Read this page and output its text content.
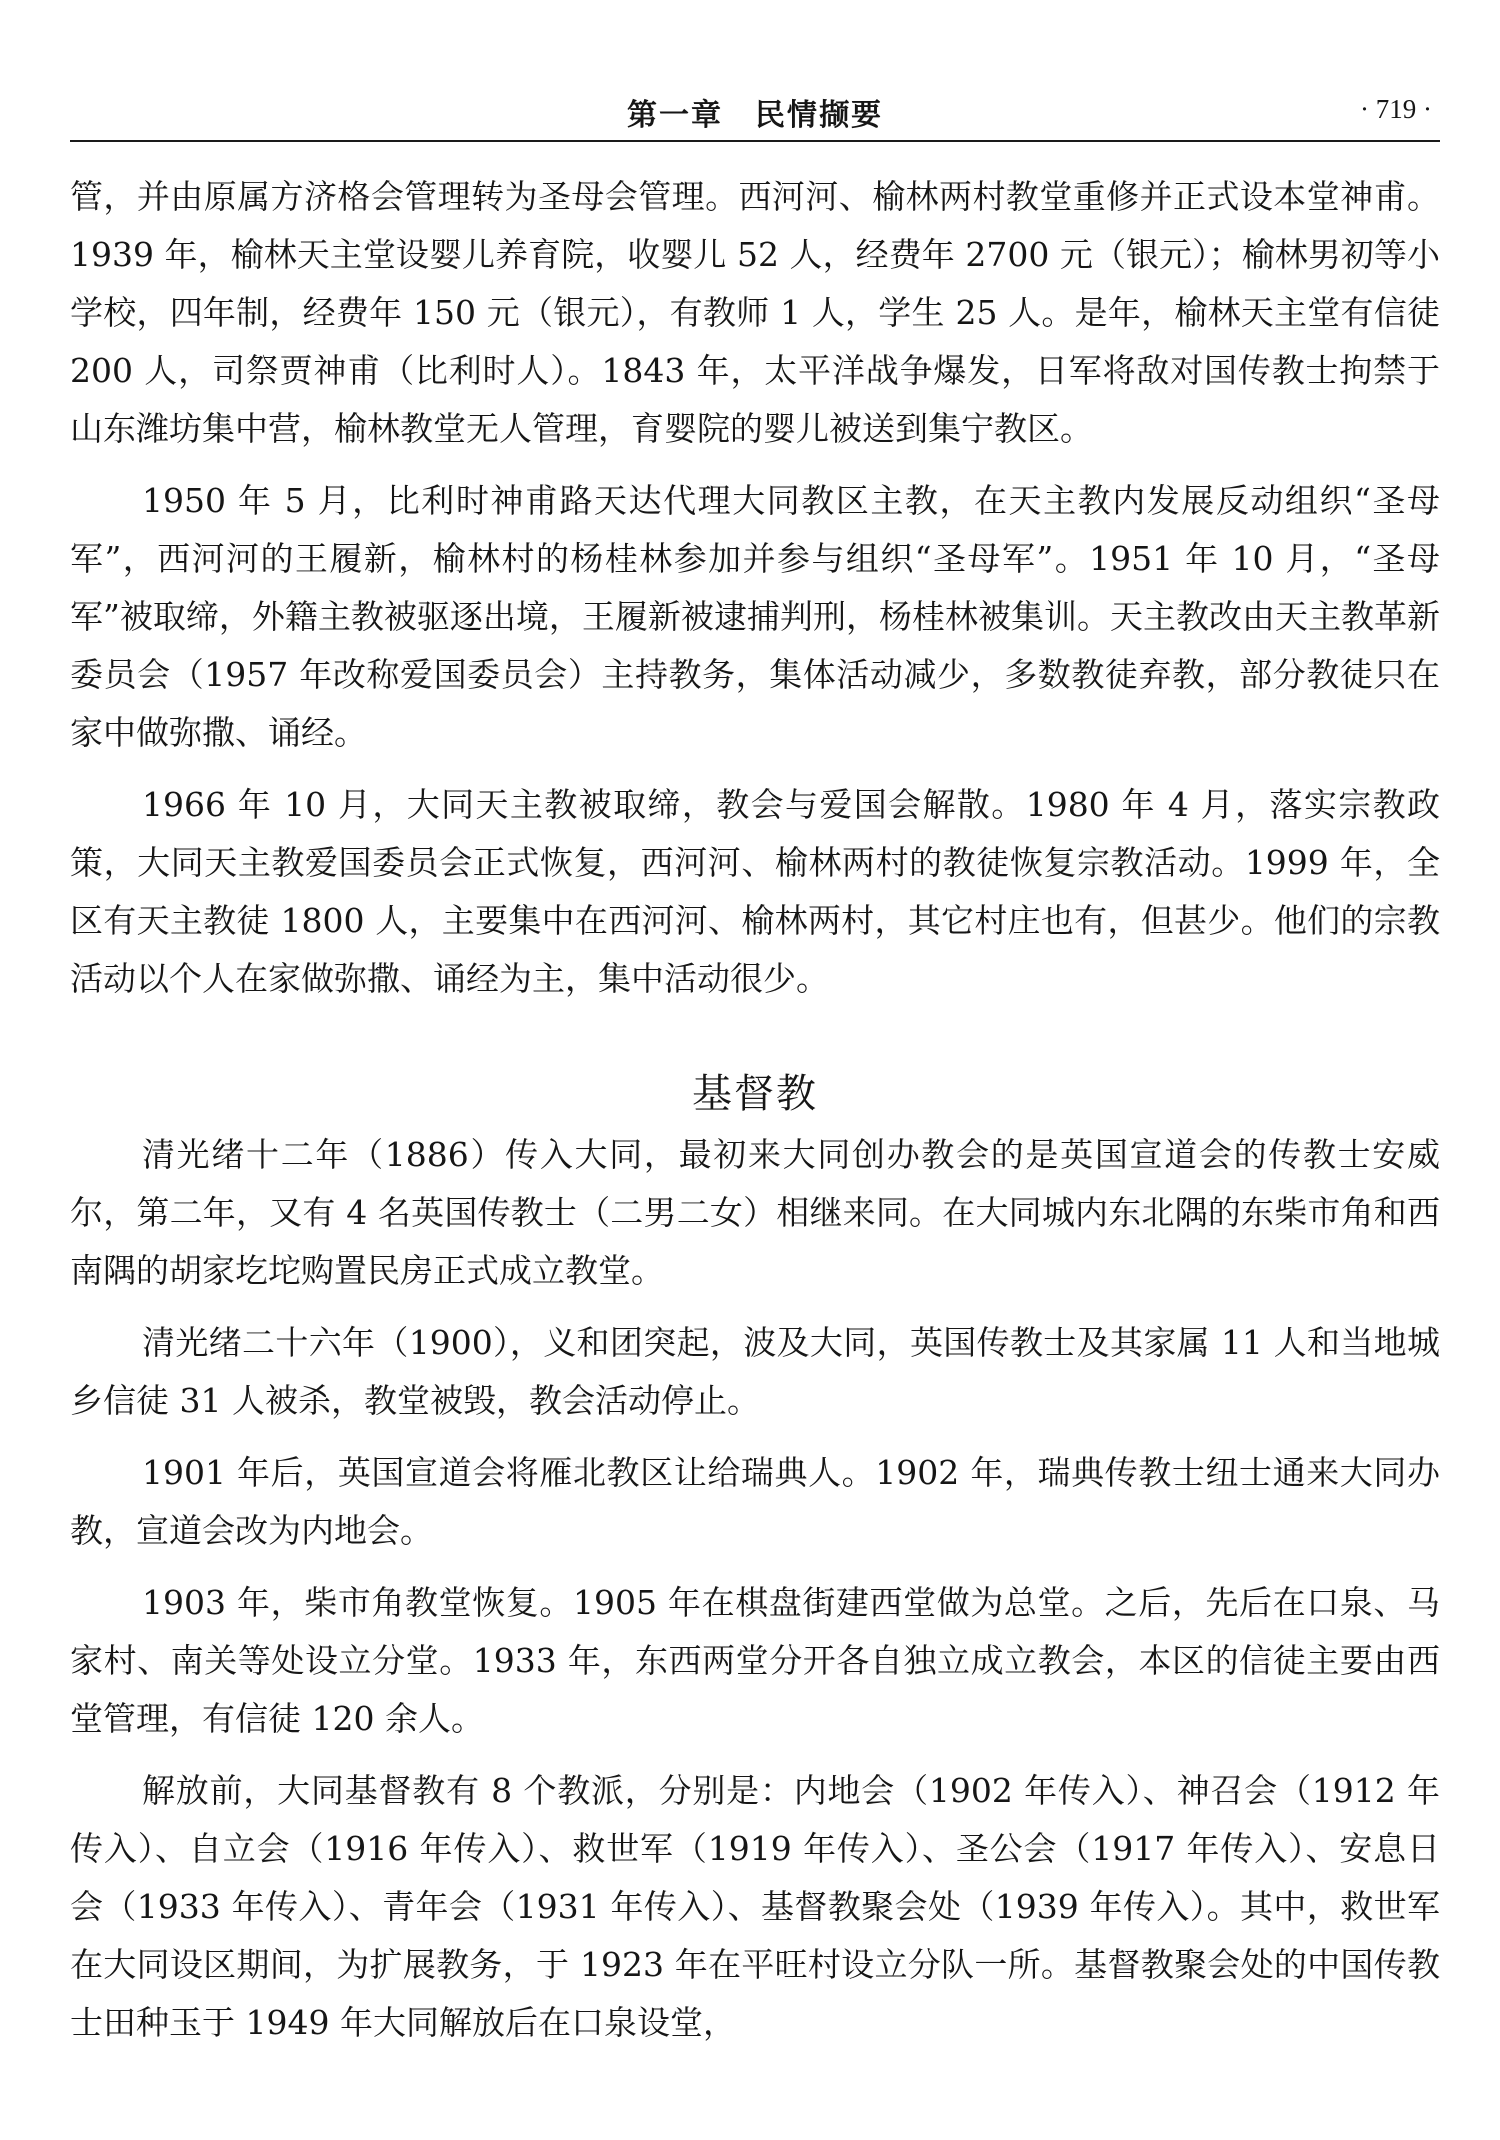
第一章　民情撷要	· 719 ·

管，并由原属方济格会管理转为圣母会管理。西河河、榆林两村教堂重修并正式设本堂神甫。1939 年，榆林天主堂设婴儿养育院，收婴儿 52 人，经费年 2700 元（银元）；榆林男初等小学校，四年制，经费年 150 元（银元），有教师 1 人，学生 25 人。是年，榆林天主堂有信徒 200 人，司祭贾神甫（比利时人）。1843 年，太平洋战争爆发，日军将敌对国传教士拘禁于山东潍坊集中营，榆林教堂无人管理，育婴院的婴儿被送到集宁教区。

1950 年 5 月，比利时神甫路天达代理大同教区主教，在天主教内发展反动组织“圣母军”，西河河的王履新，榆林村的杨桂林参加并参与组织“圣母军”。1951 年 10 月，“圣母军”被取缔，外籍主教被驱逐出境，王履新被逮捕判刑，杨桂林被集训。天主教改由天主教革新委员会（1957 年改称爱国委员会）主持教务，集体活动减少，多数教徒弃教，部分教徒只在家中做弥撒、诵经。

1966 年 10 月，大同天主教被取缔，教会与爱国会解散。1980 年 4 月，落实宗教政策，大同天主教爱国委员会正式恢复，西河河、榆林两村的教徒恢复宗教活动。1999 年，全区有天主教徒 1800 人，主要集中在西河河、榆林两村，其它村庄也有，但甚少。他们的宗教活动以个人在家做弥撒、诵经为主，集中活动很少。

基督教

清光绪十二年（1886）传入大同，最初来大同创办教会的是英国宣道会的传教士安威尔，第二年，又有 4 名英国传教士（二男二女）相继来同。在大同城内东北隅的东柴市角和西南隅的胡家圪坨购置民房正式成立教堂。

清光绪二十六年（1900），义和团突起，波及大同，英国传教士及其家属 11 人和当地城乡信徒 31 人被杀，教堂被毁，教会活动停止。

1901 年后，英国宣道会将雁北教区让给瑞典人。1902 年，瑞典传教士纽士通来大同办教，宣道会改为内地会。

1903 年，柴市角教堂恢复。1905 年在棋盘街建西堂做为总堂。之后，先后在口泉、马家村、南关等处设立分堂。1933 年，东西两堂分开各自独立成立教会，本区的信徒主要由西堂管理，有信徒 120 余人。

解放前，大同基督教有 8 个教派，分别是：内地会（1902 年传入）、神召会（1912 年传入）、自立会（1916 年传入）、救世军（1919 年传入）、圣公会（1917 年传入）、安息日会（1933 年传入）、青年会（1931 年传入）、基督教聚会处（1939 年传入）。其中，救世军在大同设区期间，为扩展教务，于 1923 年在平旺村设立分队一所。基督教聚会处的中国传教士田种玉于 1949 年大同解放后在口泉设堂，
